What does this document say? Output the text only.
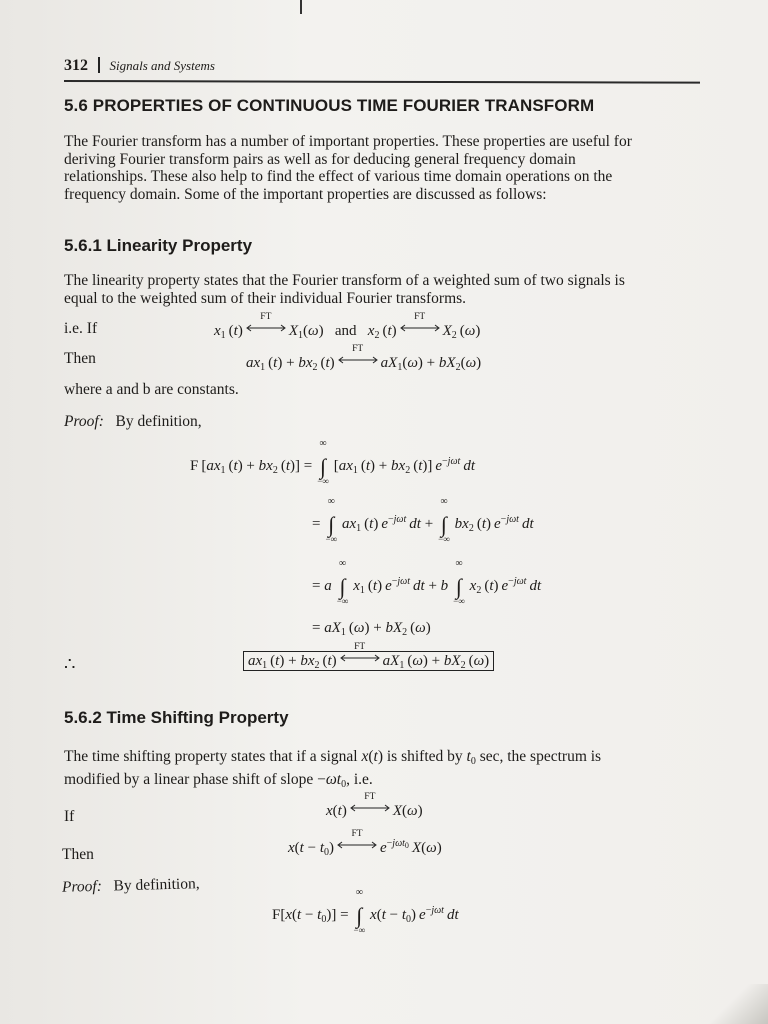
312 Signals and Systems
5.6 PROPERTIES OF CONTINUOUS TIME FOURIER TRANSFORM
The Fourier transform has a number of important properties. These properties are useful for
deriving Fourier transform pairs as well as for deducing general frequency domain
relationships. These also help to find the effect of various time domain operations on the
frequency domain. Some of the important properties are discussed as follows:
5.6.1 Linearity Property
The linearity property states that the Fourier transform of a weighted sum of two signals is
equal to the weighted sum of their individual Fourier transforms.
i.e. If	$x_1$ (t)
FT
$X_1(\omega)$   and $x_2$ (t)
FT
$X_2$ (ω)
Then	$ax_1$ $(t) + bx_2$ (t)
FT
$aX_1(\omega) + bX_2(\omega)$
where a and b are constants.
Proof: By definition,
F [$ax_1$ $(t) + bx_2$ (t)] =
∞
∫
−∞
[$ax_1$ $(t) + bx_2$ (t)] $e^{-j\omega t}$  dt
=
∞
∫
−∞
$ax_1$ (t) $e^{-j\omega t}$  dt +
∞
∫
−∞
$bx_2$ (t) $e^{-j\omega t}$  dt
= a
∞
∫
−∞
$x_1$ (t) $e^{-j\omega t}$  dt + b
∞
∫
−∞
$x_2$ (t) $e^{-j\omega t}$  dt
= $aX_1$ $(\omega) + bX_2$ (ω)
∴	$ax_1$ $(t) + bx_2$ (t)
FT
$aX_1$ $(\omega) + bX_2$ (ω)
5.6.2 Time Shifting Property
The time shifting property states that if a signal x(t) is shifted by $t_0$ sec, the spectrum is
modified by a linear phase shift of slope $-\omega t_0$, i.e.
If	x(t)
FT
X(ω)
Then	$x(t - t_0)$
FT
$e^{-j\omega t_0}$  X(ω)
Proof: By definition,
$F[x(t - t_0)]$ =
∞
∫
−∞
$x(t - t_0)$ $e^{-j\omega t}$  dt
